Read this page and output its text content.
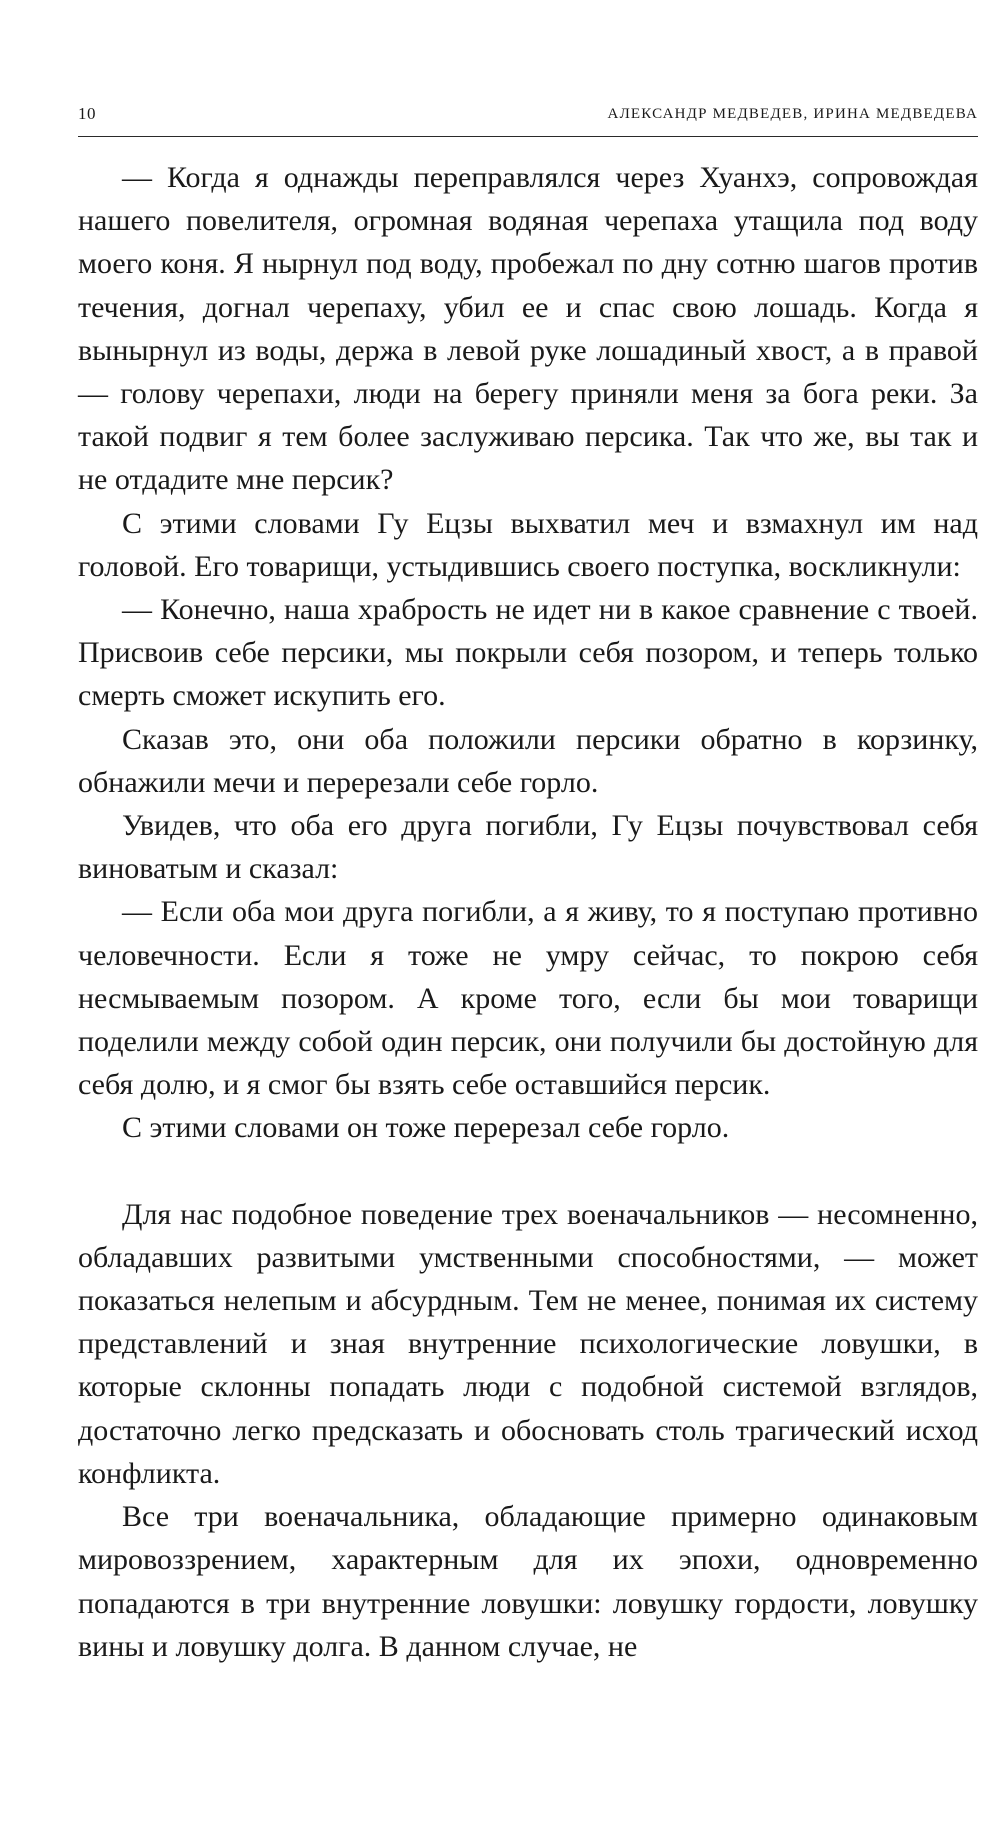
10	АЛЕКСАНДР МЕДВЕДЕВ, ИРИНА МЕДВЕДЕВА

— Когда я однажды переправлялся через Хуанхэ, сопровождая нашего повелителя, огромная водяная черепаха утащила под воду моего коня. Я нырнул под воду, пробежал по дну сотню шагов против течения, догнал черепаху, убил ее и спас свою лошадь. Когда я вынырнул из воды, держа в левой руке лошадиный хвост, а в правой — голову черепахи, люди на берегу приняли меня за бога реки. За такой подвиг я тем более заслуживаю персика. Так что же, вы так и не отдадите мне персик?

С этими словами Гу Ецзы выхватил меч и взмахнул им над головой. Его товарищи, устыдившись своего поступка, воскликнули:

— Конечно, наша храбрость не идет ни в какое сравнение с твоей. Присвоив себе персики, мы покрыли себя позором, и теперь только смерть сможет искупить его.

Сказав это, они оба положили персики обратно в корзинку, обнажили мечи и перерезали себе горло.

Увидев, что оба его друга погибли, Гу Ецзы почувствовал себя виноватым и сказал:

— Если оба мои друга погибли, а я живу, то я поступаю противно человечности. Если я тоже не умру сейчас, то покрою себя несмываемым позором. А кроме того, если бы мои товарищи поделили между собой один персик, они получили бы достойную для себя долю, и я смог бы взять себе оставшийся персик.

С этими словами он тоже перерезал себе горло.

Для нас подобное поведение трех военачальников — несомненно, обладавших развитыми умственными способностями, — может показаться нелепым и абсурдным. Тем не менее, понимая их систему представлений и зная внутренние психологические ловушки, в которые склонны попадать люди с подобной системой взглядов, достаточно легко предсказать и обосновать столь трагический исход конфликта.

Все три военачальника, обладающие примерно одинаковым мировоззрением, характерным для их эпохи, одновременно попадаются в три внутренние ловушки: ловушку гордости, ловушку вины и ловушку долга. В данном случае, не
